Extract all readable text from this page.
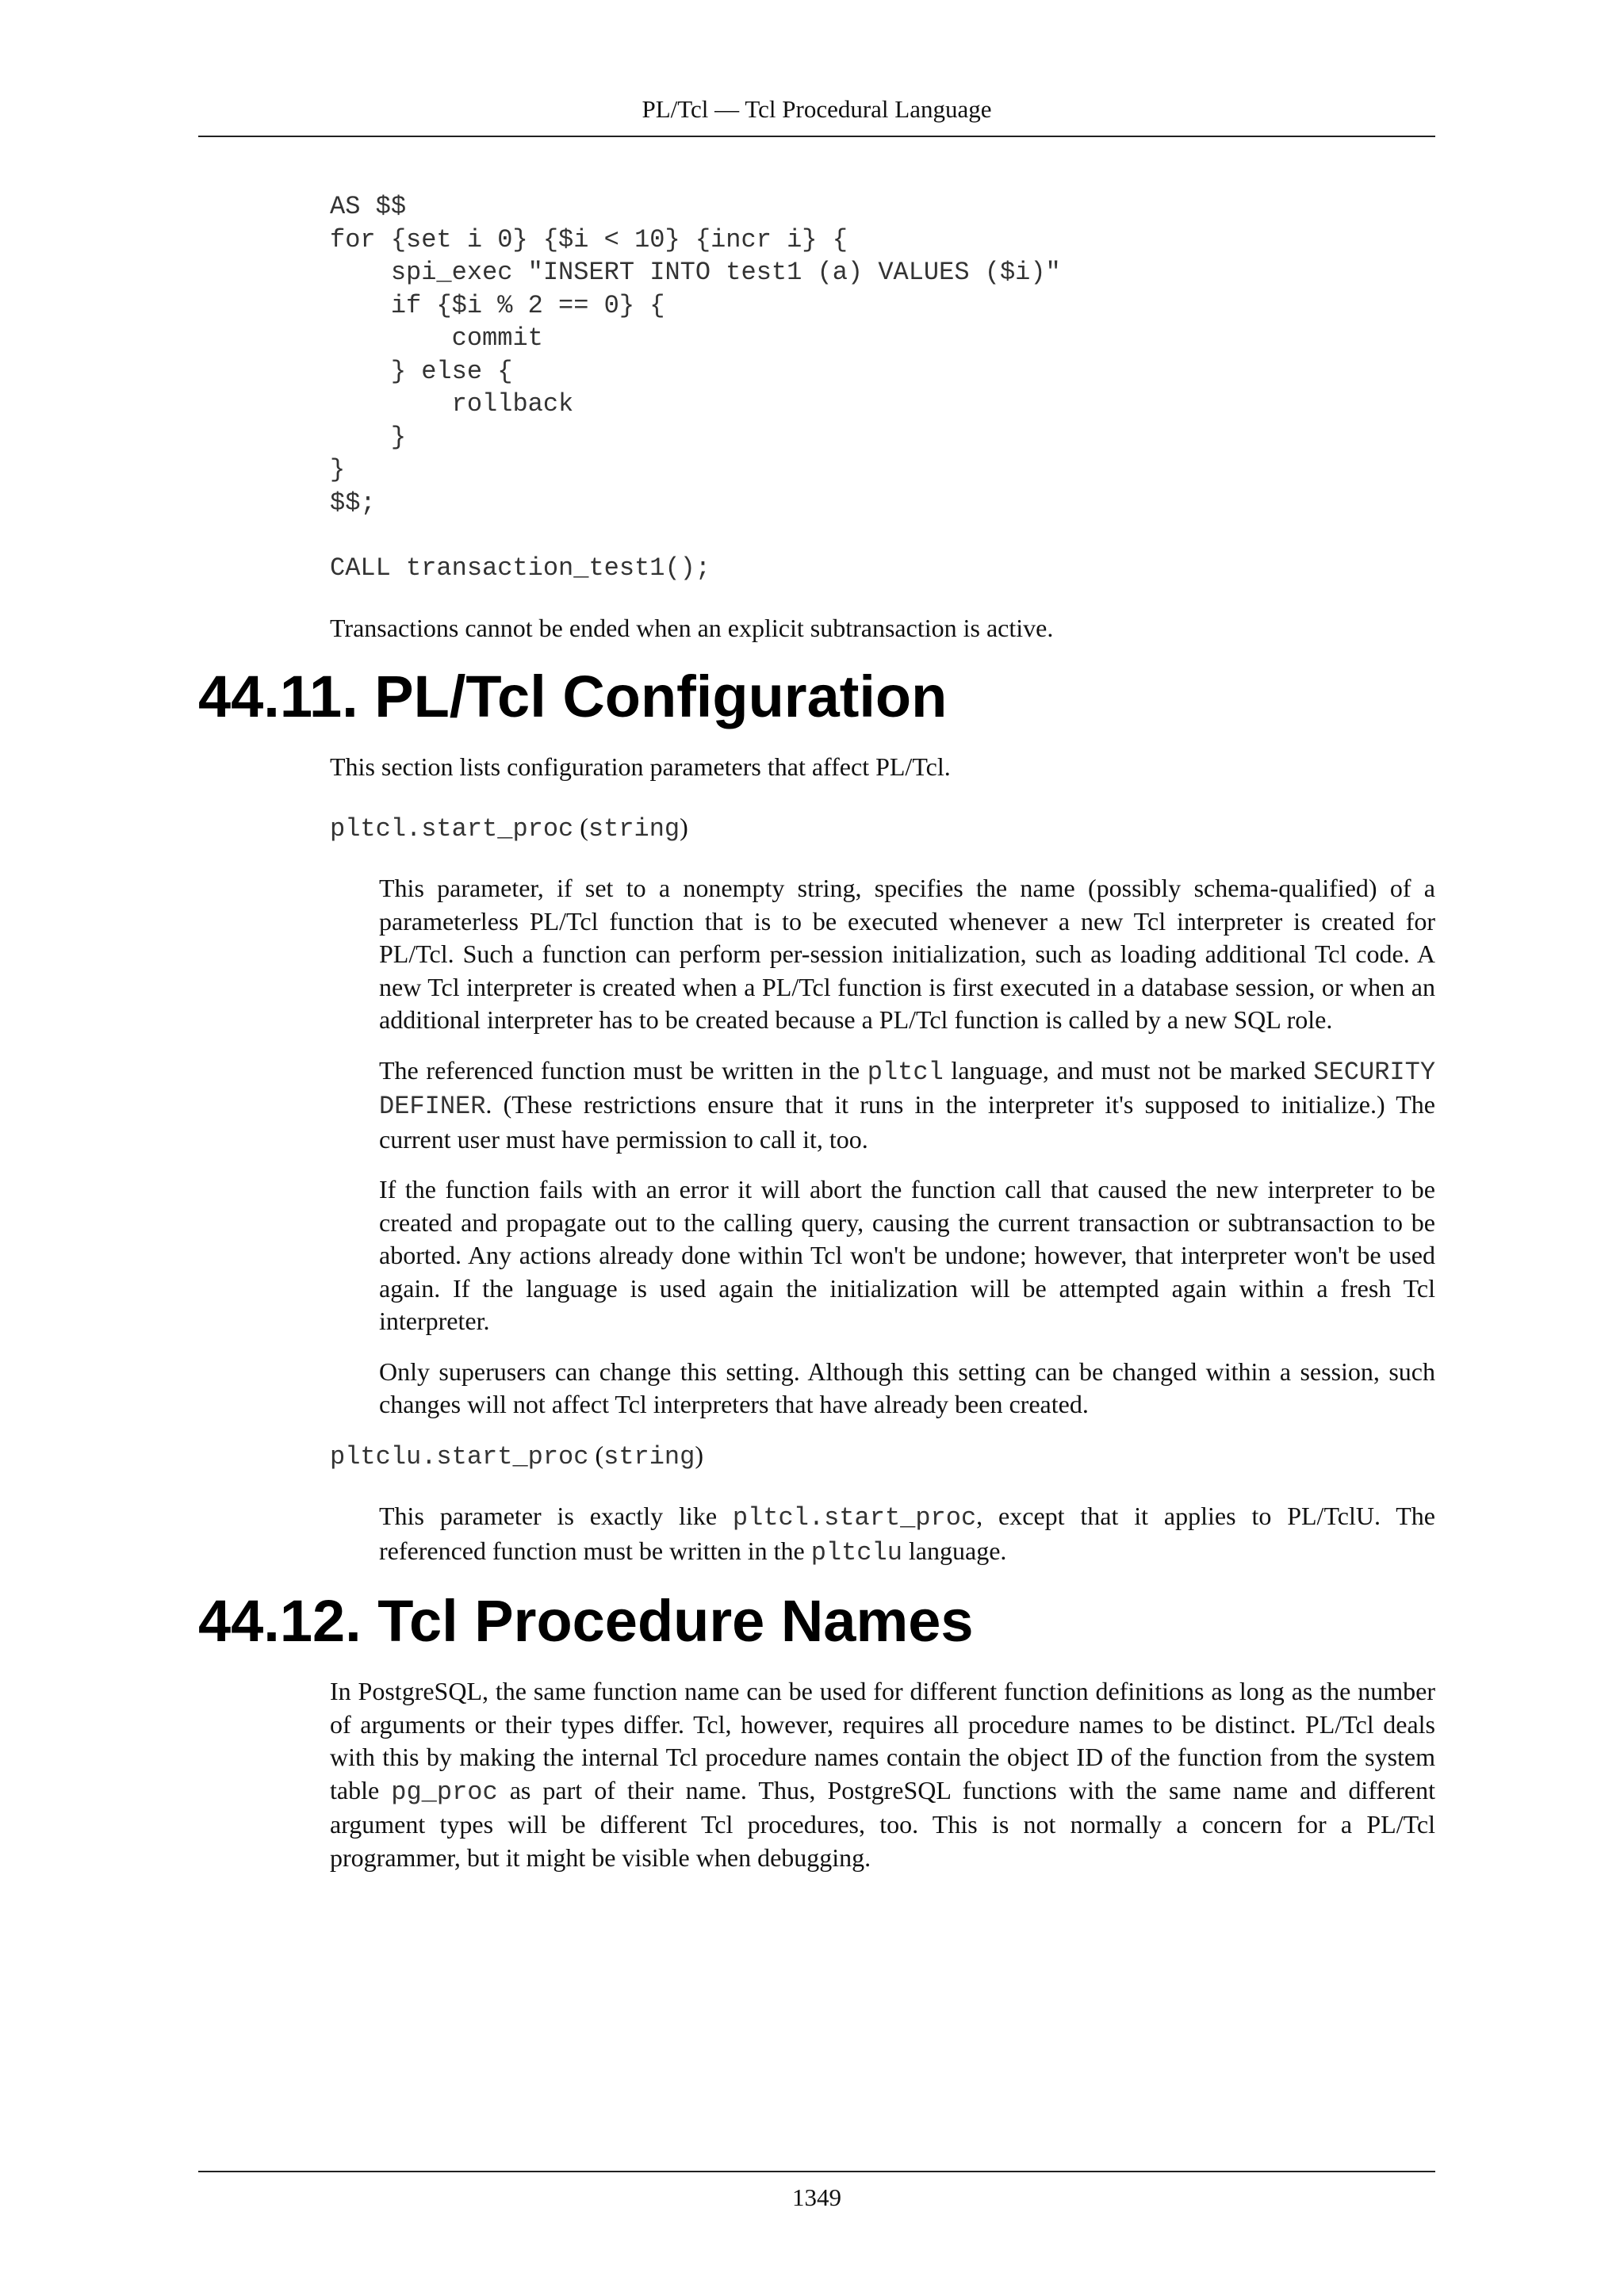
PL/Tcl — Tcl Procedural Language
AS $$
for {set i 0} {$i < 10} {incr i} {
spi_exec "INSERT INTO test1 (a) VALUES ($i)"
if {$i % 2 == 0} {
commit
} else {
rollback
}
}
$$;
CALL transaction_test1();

Transactions cannot be ended when an explicit subtransaction is active.

44.11. PL/Tcl Configuration

This section lists configuration parameters that affect PL/Tcl.

pltcl.start_proc (string)

This parameter, if set to a nonempty string, specifies the name (possibly schema-qualified) of a parameterless PL/Tcl function that is to be executed whenever a new Tcl interpreter is created for PL/Tcl. Such a function can perform per-session initialization, such as loading additional Tcl code. A new Tcl interpreter is created when a PL/Tcl function is first executed in a database session, or when an additional interpreter has to be created because a PL/Tcl function is called by a new SQL role.

The referenced function must be written in the pltcl language, and must not be marked SECURITY DEFINER. (These restrictions ensure that it runs in the interpreter it's supposed to initialize.) The current user must have permission to call it, too.

If the function fails with an error it will abort the function call that caused the new interpreter to be created and propagate out to the calling query, causing the current transaction or subtransaction to be aborted. Any actions already done within Tcl won't be undone; however, that interpreter won't be used again. If the language is used again the initialization will be attempted again within a fresh Tcl interpreter.

Only superusers can change this setting. Although this setting can be changed within a session, such changes will not affect Tcl interpreters that have already been created.

pltclu.start_proc (string)

This parameter is exactly like pltcl.start_proc, except that it applies to PL/TclU. The referenced function must be written in the pltclu language.

44.12. Tcl Procedure Names

In PostgreSQL, the same function name can be used for different function definitions as long as the number of arguments or their types differ. Tcl, however, requires all procedure names to be distinct. PL/Tcl deals with this by making the internal Tcl procedure names contain the object ID of the function from the system table pg_proc as part of their name. Thus, PostgreSQL functions with the same name and different argument types will be different Tcl procedures, too. This is not normally a concern for a PL/Tcl programmer, but it might be visible when debugging.

1349
